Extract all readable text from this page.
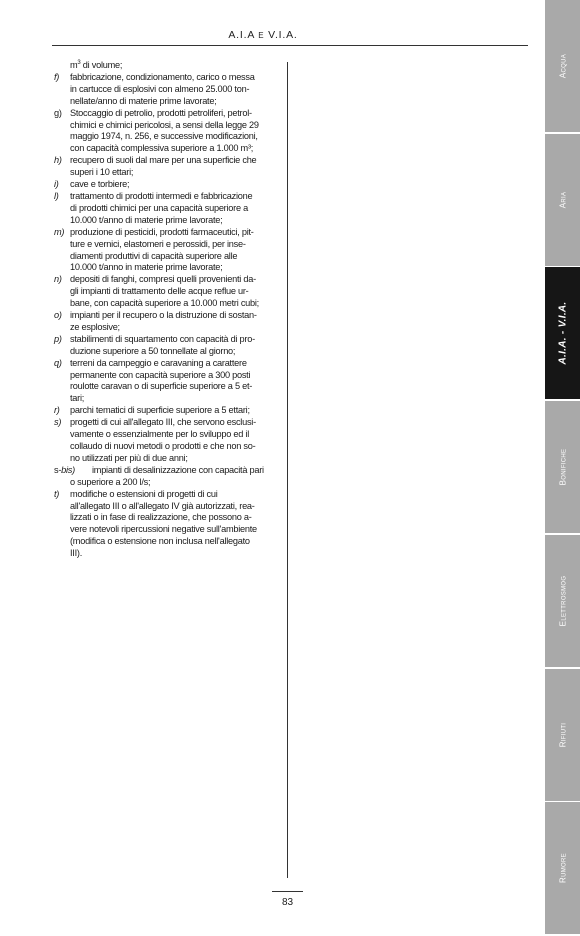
A.I.A E V.I.A.
$m^3$ di volume;
f) fabbricazione, condizionamento, carico o messa
in cartucce di esplosivi con almeno 25.000 ton-
nellate/anno di materie prime lavorate;
g) Stoccaggio di petrolio, prodotti petroliferi, petrol-
chimici e chimici pericolosi, a sensi della legge 29
maggio 1974, n. 256, e successive modificazioni,
con capacità complessiva superiore a 1.000 m³;
h) recupero di suoli dal mare per una superficie che
superi i 10 ettari;
i) cave e torbiere;
l) trattamento di prodotti intermedi e fabbricazione
di prodotti chimici per una capacità superiore a
10.000 t/anno di materie prime lavorate;
m) produzione di pesticidi, prodotti farmaceutici, pit-
ture e vernici, elastomeri e perossidi, per inse-
diamenti produttivi di capacità superiore alle
10.000 t/anno in materie prime lavorate;
n) depositi di fanghi, compresi quelli provenienti da-
gli impianti di trattamento delle acque reflue ur-
bane, con capacità superiore a 10.000 metri cubi;
o) impianti per il recupero o la distruzione di sostan-
ze esplosive;
p) stabilimenti di squartamento con capacità di pro-
duzione superiore a 50 tonnellate al giorno;
q) terreni da campeggio e caravaning a carattere
permanente con capacità superiore a 300 posti
roulotte caravan o di superficie superiore a 5 et-
tari;
r) parchi tematici di superficie superiore a 5 ettari;
s) progetti di cui all'allegato III, che servono esclusi-
vamente o essenzialmente per lo sviluppo ed il
collaudo di nuovi metodi o prodotti e che non so-
no utilizzati per più di due anni;
s-bis)	impianti di desalinizzazione con capacità pari
o superiore a 200 l/s;
t) modifiche o estensioni di progetti di cui
all'allegato III o all'allegato IV già autorizzati, rea-
lizzati o in fase di realizzazione, che possono a-
vere notevoli ripercussioni negative sull'ambiente
(modifica o estensione non inclusa nell'allegato
III).
83
Acqua
Aria
A.I.A. - V.I.A.
Bonifiche
Elettrosmog
Rifiuti
Rumore
